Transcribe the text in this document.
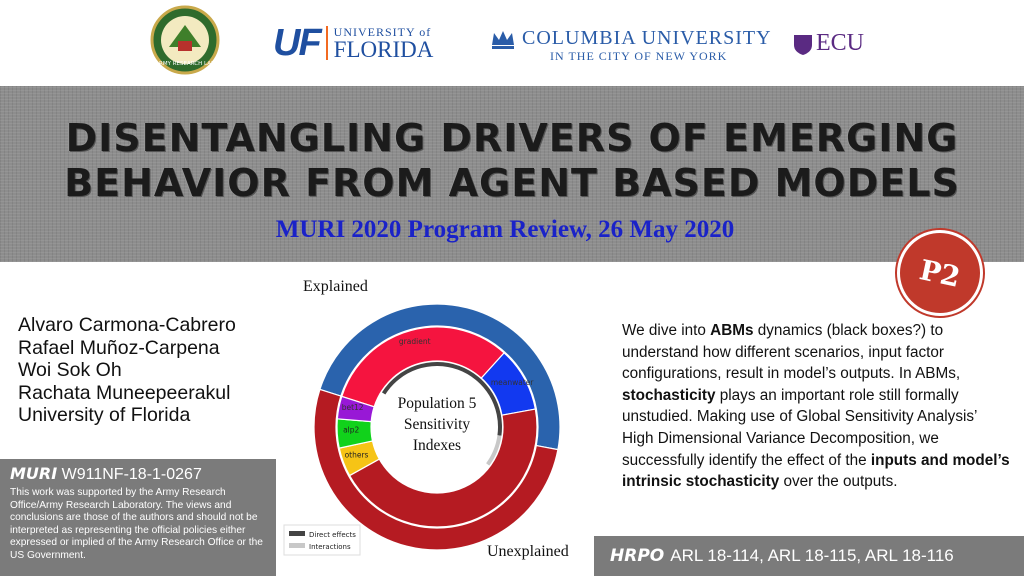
ARMY RESEARCH LAB
UF UNIVERSITY of
FLORIDA	COLUMBIA UNIVERSITY
IN THE CITY OF NEW YORK	ECU
DISENTANGLING DRIVERS OF EMERGING
BEHAVIOR FROM AGENT BASED MODELS
MURI 2020 Program Review, 26 May 2020
P2
Alvaro Carmona-Cabrero
Rafael Muñoz-Carpena
Woi Sok Oh
Rachata Muneepeerakul
University of Florida
MURI W911NF-18-1-0267
This work was supported by the Army Research Office/Army Research Laboratory. The views and conclusions are those of the authors and should not be interpreted as representing the official policies either expressed or implied of the Army Research Office or the US Government.
Explained
Unexplained
gradient
meanwater
others
alp2
bet12 Population 5
Sensitivity
Indexes
Direct effects
Interactions
We dive into ABMs dynamics (black boxes?) to understand how different scenarios, input factor configurations, result in model’s outputs. In ABMs, stochasticity plays an important role still formally unstudied. Making use of Global Sensitivity Analysis’ High Dimensional Variance Decomposition, we successfully identify the effect of the inputs and model’s intrinsic stochasticity over the outputs.
HRPO ARL 18-114, ARL 18-115, ARL 18-116
